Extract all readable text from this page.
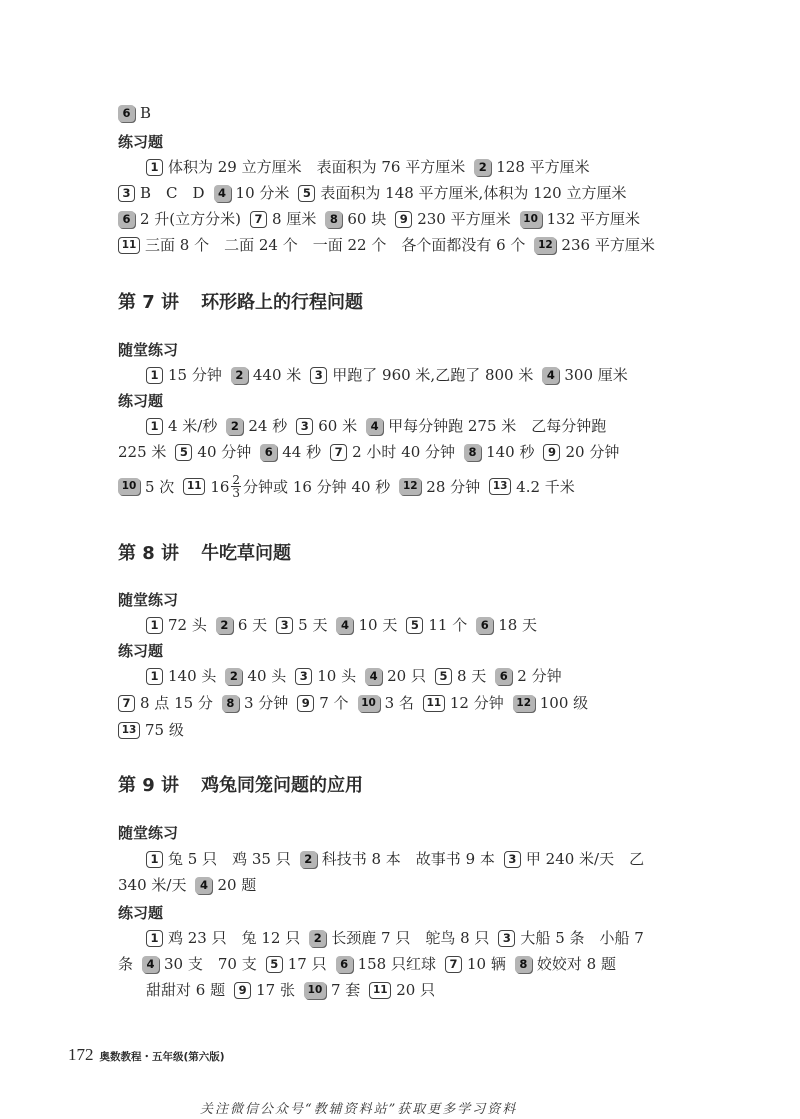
6 B
练习题
1 体积为 29 立方厘米　表面积为 76 平方厘米	2 128 平方厘米
3 B　C　D	4 10 分米	5 表面积为 148 平方厘米,体积为 120 立方厘米
6 2 升(立方分米)	7 8 厘米	8 60 块	9 230 平方厘米	10 132 平方厘米
11 三面 8 个　二面 24 个　一面 22 个　各个面都没有 6 个	12 236 平方厘米
第 7 讲 环形路上的行程问题
随堂练习
1 15 分钟	2 440 米	3 甲跑了 960 米,乙跑了 800 米	4 300 厘米
练习题
1 4 米/秒	2 24 秒	3 60 米	4 甲每分钟跑 275 米　乙每分钟跑
225 米	5 40 分钟	6 44 秒	7 2 小时 40 分钟	8 140 秒	9 20 分钟
10 5 次	11 $16 \frac{2}{3}$ 分钟或 16 分钟 40 秒	12 28 分钟	13 4.2 千米
第 8 讲 牛吃草问题
随堂练习
1 72 头	2 6 天	3 5 天	4 10 天	5 11 个	6 18 天
练习题
1 140 头	2 40 头	3 10 头	4 20 只	5 8 天	6 2 分钟
7 8 点 15 分	8 3 分钟	9 7 个	10 3 名	11 12 分钟	12 100 级
13 75 级
第 9 讲 鸡兔同笼问题的应用
随堂练习
1 兔 5 只　鸡 35 只	2 科技书 8 本　故事书 9 本	3 甲 240 米/天　乙
340 米/天	4 20 题
练习题
1 鸡 23 只　兔 12 只	2 长颈鹿 7 只　鸵鸟 8 只	3 大船 5 条　小船 7
条	4 30 支　70 支	5 17 只	6 158 只红球	7 10 辆	8 姣姣对 8 题
甜甜对 6 题	9 17 张	10 7 套	11 20 只
172 奥数教程・五年级(第六版)
关注微信公众号“教辅资料站”获取更多学习资料
